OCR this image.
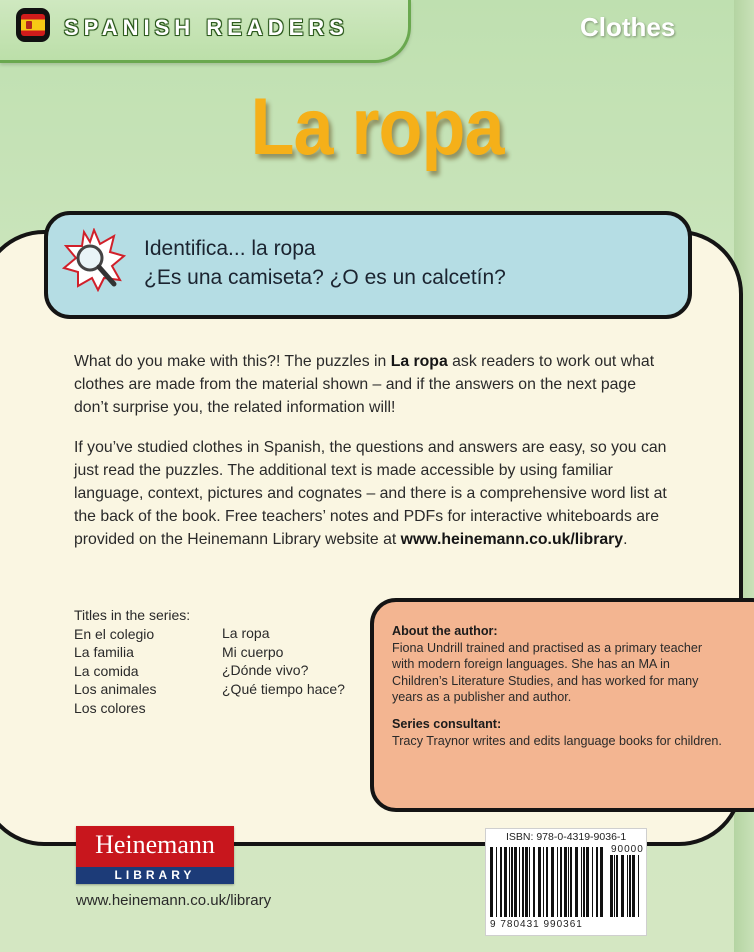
SPANISH READERS	Clothes
La ropa
Identifica... la ropa
¿Es una camiseta? ¿O es un calcetín?

What do you make with this?! The puzzles in La ropa ask readers to work out what clothes are made from the material shown – and if the answers on the next page don’t surprise you, the related information will!

If you’ve studied clothes in Spanish, the questions and answers are easy, so you can just read the puzzles. The additional text is made accessible by using familiar language, context, pictures and cognates – and there is a comprehensive word list at the back of the book. Free teachers’ notes and PDFs for interactive whiteboards are provided on the Heinemann Library website at www.heinemann.co.uk/library.

Titles in the series:
En el colegio
La familia
La comida
Los animales
Los colores
La ropa
Mi cuerpo
¿Dónde vivo?
¿Qué tiempo hace?
About the author:
Fiona Undrill trained and practised as a primary teacher with modern foreign languages. She has an MA in Children’s Literature Studies, and has worked for many years as a publisher and author.
Series consultant:
Tracy Traynor writes and edits language books for children.
Heinemann
LIBRARY
www.heinemann.co.uk/library
90000
9 780431 990361
ISBN: 978-0-4319-9036-1
